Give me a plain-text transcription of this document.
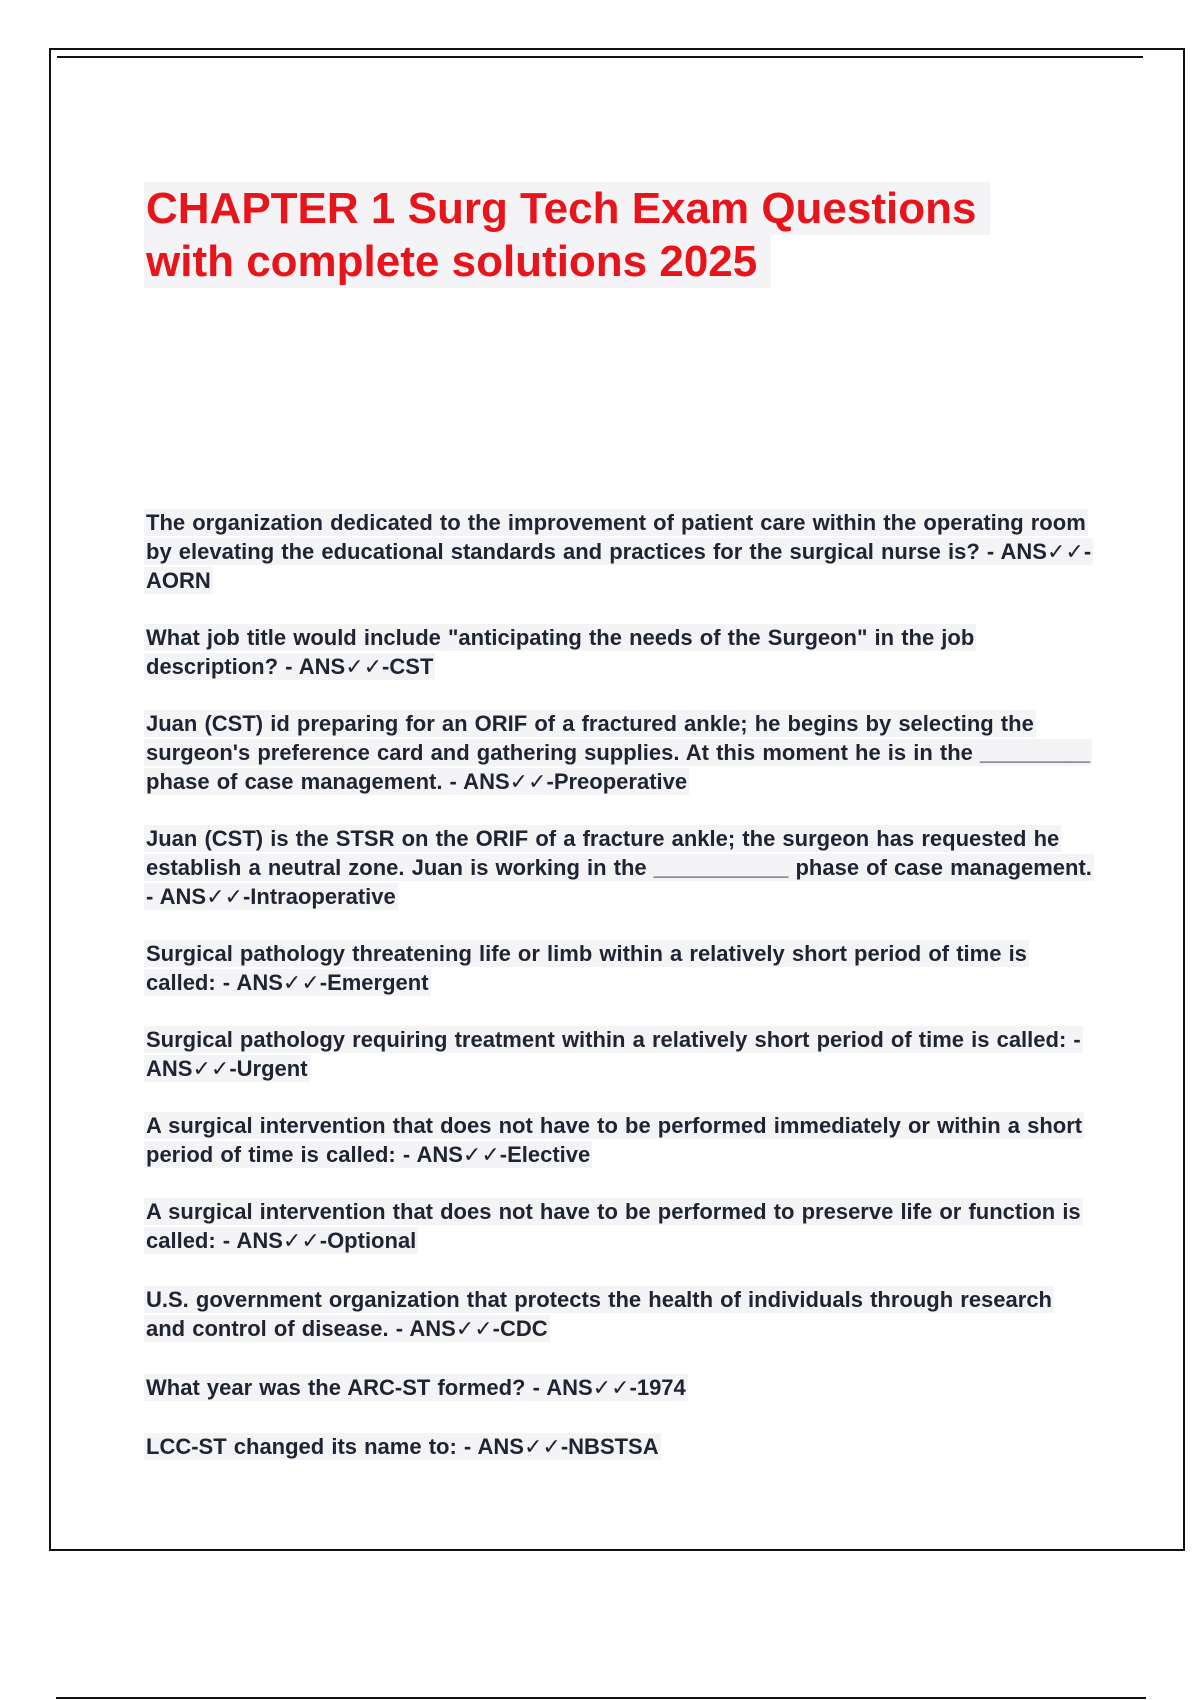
CHAPTER 1 Surg Tech Exam Questions
with complete solutions 2025
The organization dedicated to the improvement of patient care within the operating room by elevating the educational standards and practices for the surgical nurse is? - ANS✓✓-AORN
What job title would include "anticipating the needs of the Surgeon" in the job description? - ANS✓✓-CST
Juan (CST) id preparing for an ORIF of a fractured ankle; he begins by selecting the surgeon's preference card and gathering supplies. At this moment he is in the _________ phase of case management. - ANS✓✓-Preoperative
Juan (CST) is the STSR on the ORIF of a fracture ankle; the surgeon has requested he establish a neutral zone. Juan is working in the ___________ phase of case management. - ANS✓✓-Intraoperative
Surgical pathology threatening life or limb within a relatively short period of time is called: - ANS✓✓-Emergent
Surgical pathology requiring treatment within a relatively short period of time is called: - ANS✓✓-Urgent
A surgical intervention that does not have to be performed immediately or within a short period of time is called: - ANS✓✓-Elective
A surgical intervention that does not have to be performed to preserve life or function is called: - ANS✓✓-Optional
U.S. government organization that protects the health of individuals through research and control of disease. - ANS✓✓-CDC
What year was the ARC-ST formed? - ANS✓✓-1974
LCC-ST changed its name to: - ANS✓✓-NBSTSA
